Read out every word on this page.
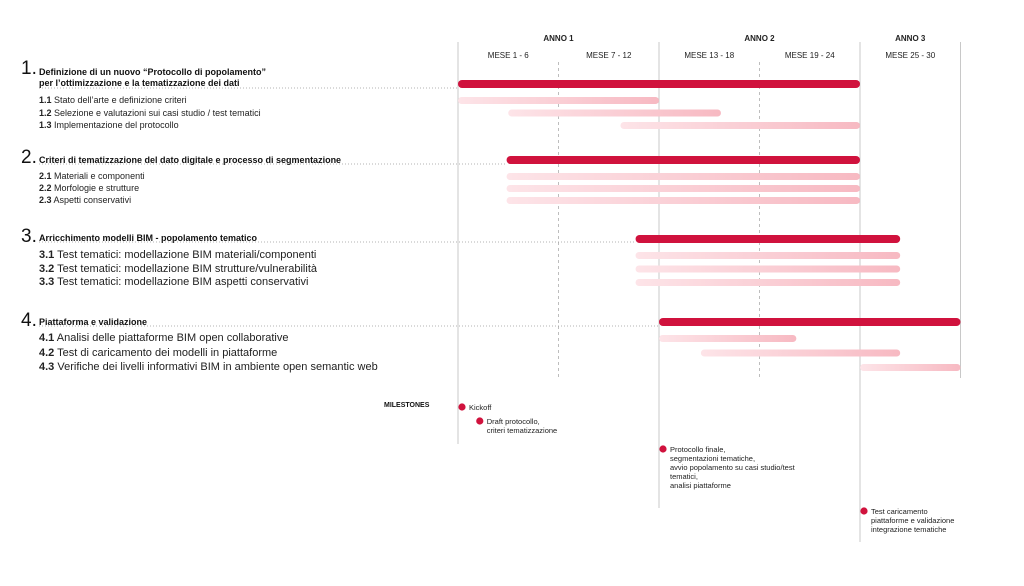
ANNO 1	ANNO 2	ANNO 3
MESE 1 - 6	MESE 7 - 12	MESE 13 - 18	MESE 19 - 24	MESE 25 - 30
1. Definizione di un nuovo “Protocollo di popolamento”
per l’ottimizzazione e la tematizzazione dei dati
1.1 Stato dell’arte e definizione criteri
1.2 Selezione e valutazioni sui casi studio / test tematici
1.3 Implementazione del protocollo
2. Criteri di tematizzazione del dato digitale e processo di segmentazione
2.1 Materiali e componenti
2.2 Morfologie e strutture
2.3 Aspetti conservativi
3. Arricchimento modelli BIM - popolamento tematico
3.1 Test tematici: modellazione BIM materiali/componenti
3.2 Test tematici: modellazione BIM strutture/vulnerabilità
3.3 Test tematici: modellazione BIM aspetti conservativi
4. Piattaforma e validazione
4.1 Analisi delle piattaforme BIM open collaborative
4.2 Test di caricamento dei modelli in piattaforme
4.3 Verifiche dei livelli informativi BIM in ambiente open semantic web
MILESTONES	Kickoff
Draft protocollo,
criteri tematizzazione
Protocollo finale,
segmentazioni tematiche,
avvio popolamento su casi studio/test
tematici,
analisi piattaforme
Test caricamento
piattaforme e validazione
integrazione tematiche
